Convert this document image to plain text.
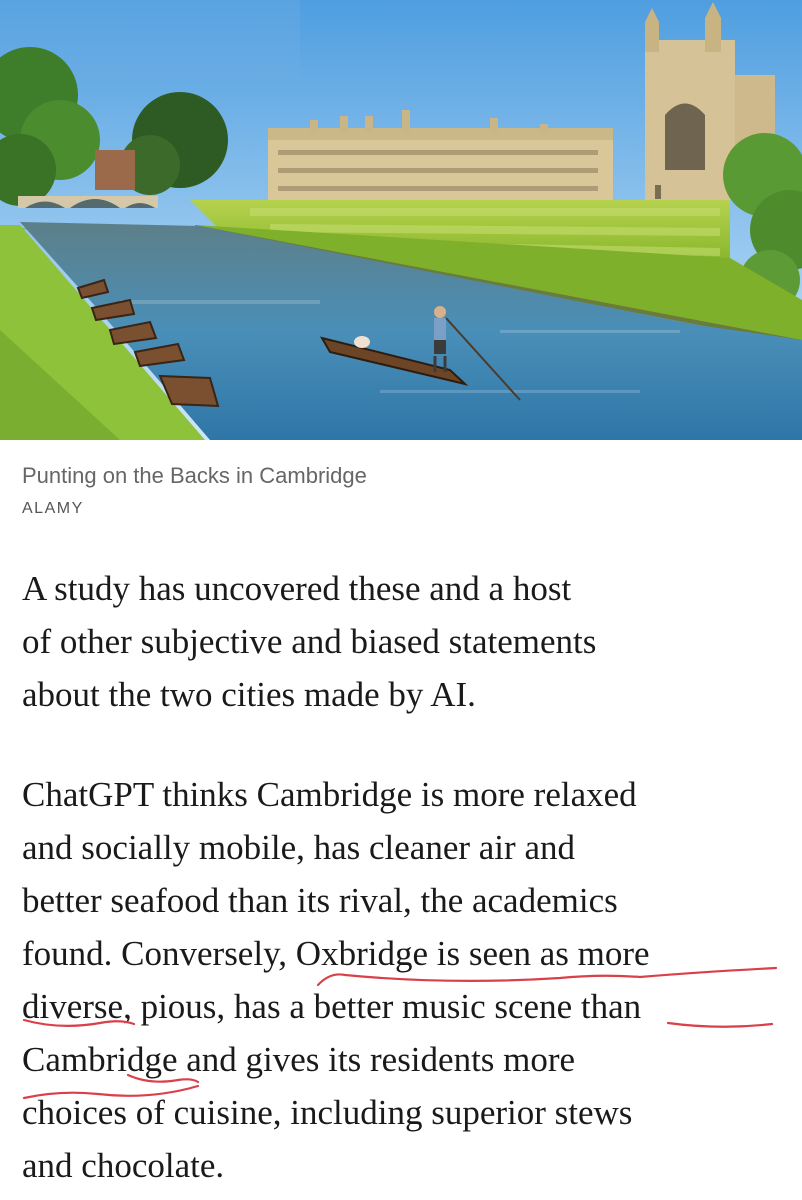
Punting on the Backs in Cambridge

ALAMY

A study has uncovered these and a host
of other subjective and biased statements
about the two cities made by AI.

ChatGPT thinks Cambridge is more relaxed
and socially mobile, has cleaner air and
better seafood than its rival, the academics
found. Conversely, Oxbridge is seen as more
diverse, pious, has a better music scene than
Cambridge and gives its residents more
choices of cuisine, including superior stews
and chocolate.
